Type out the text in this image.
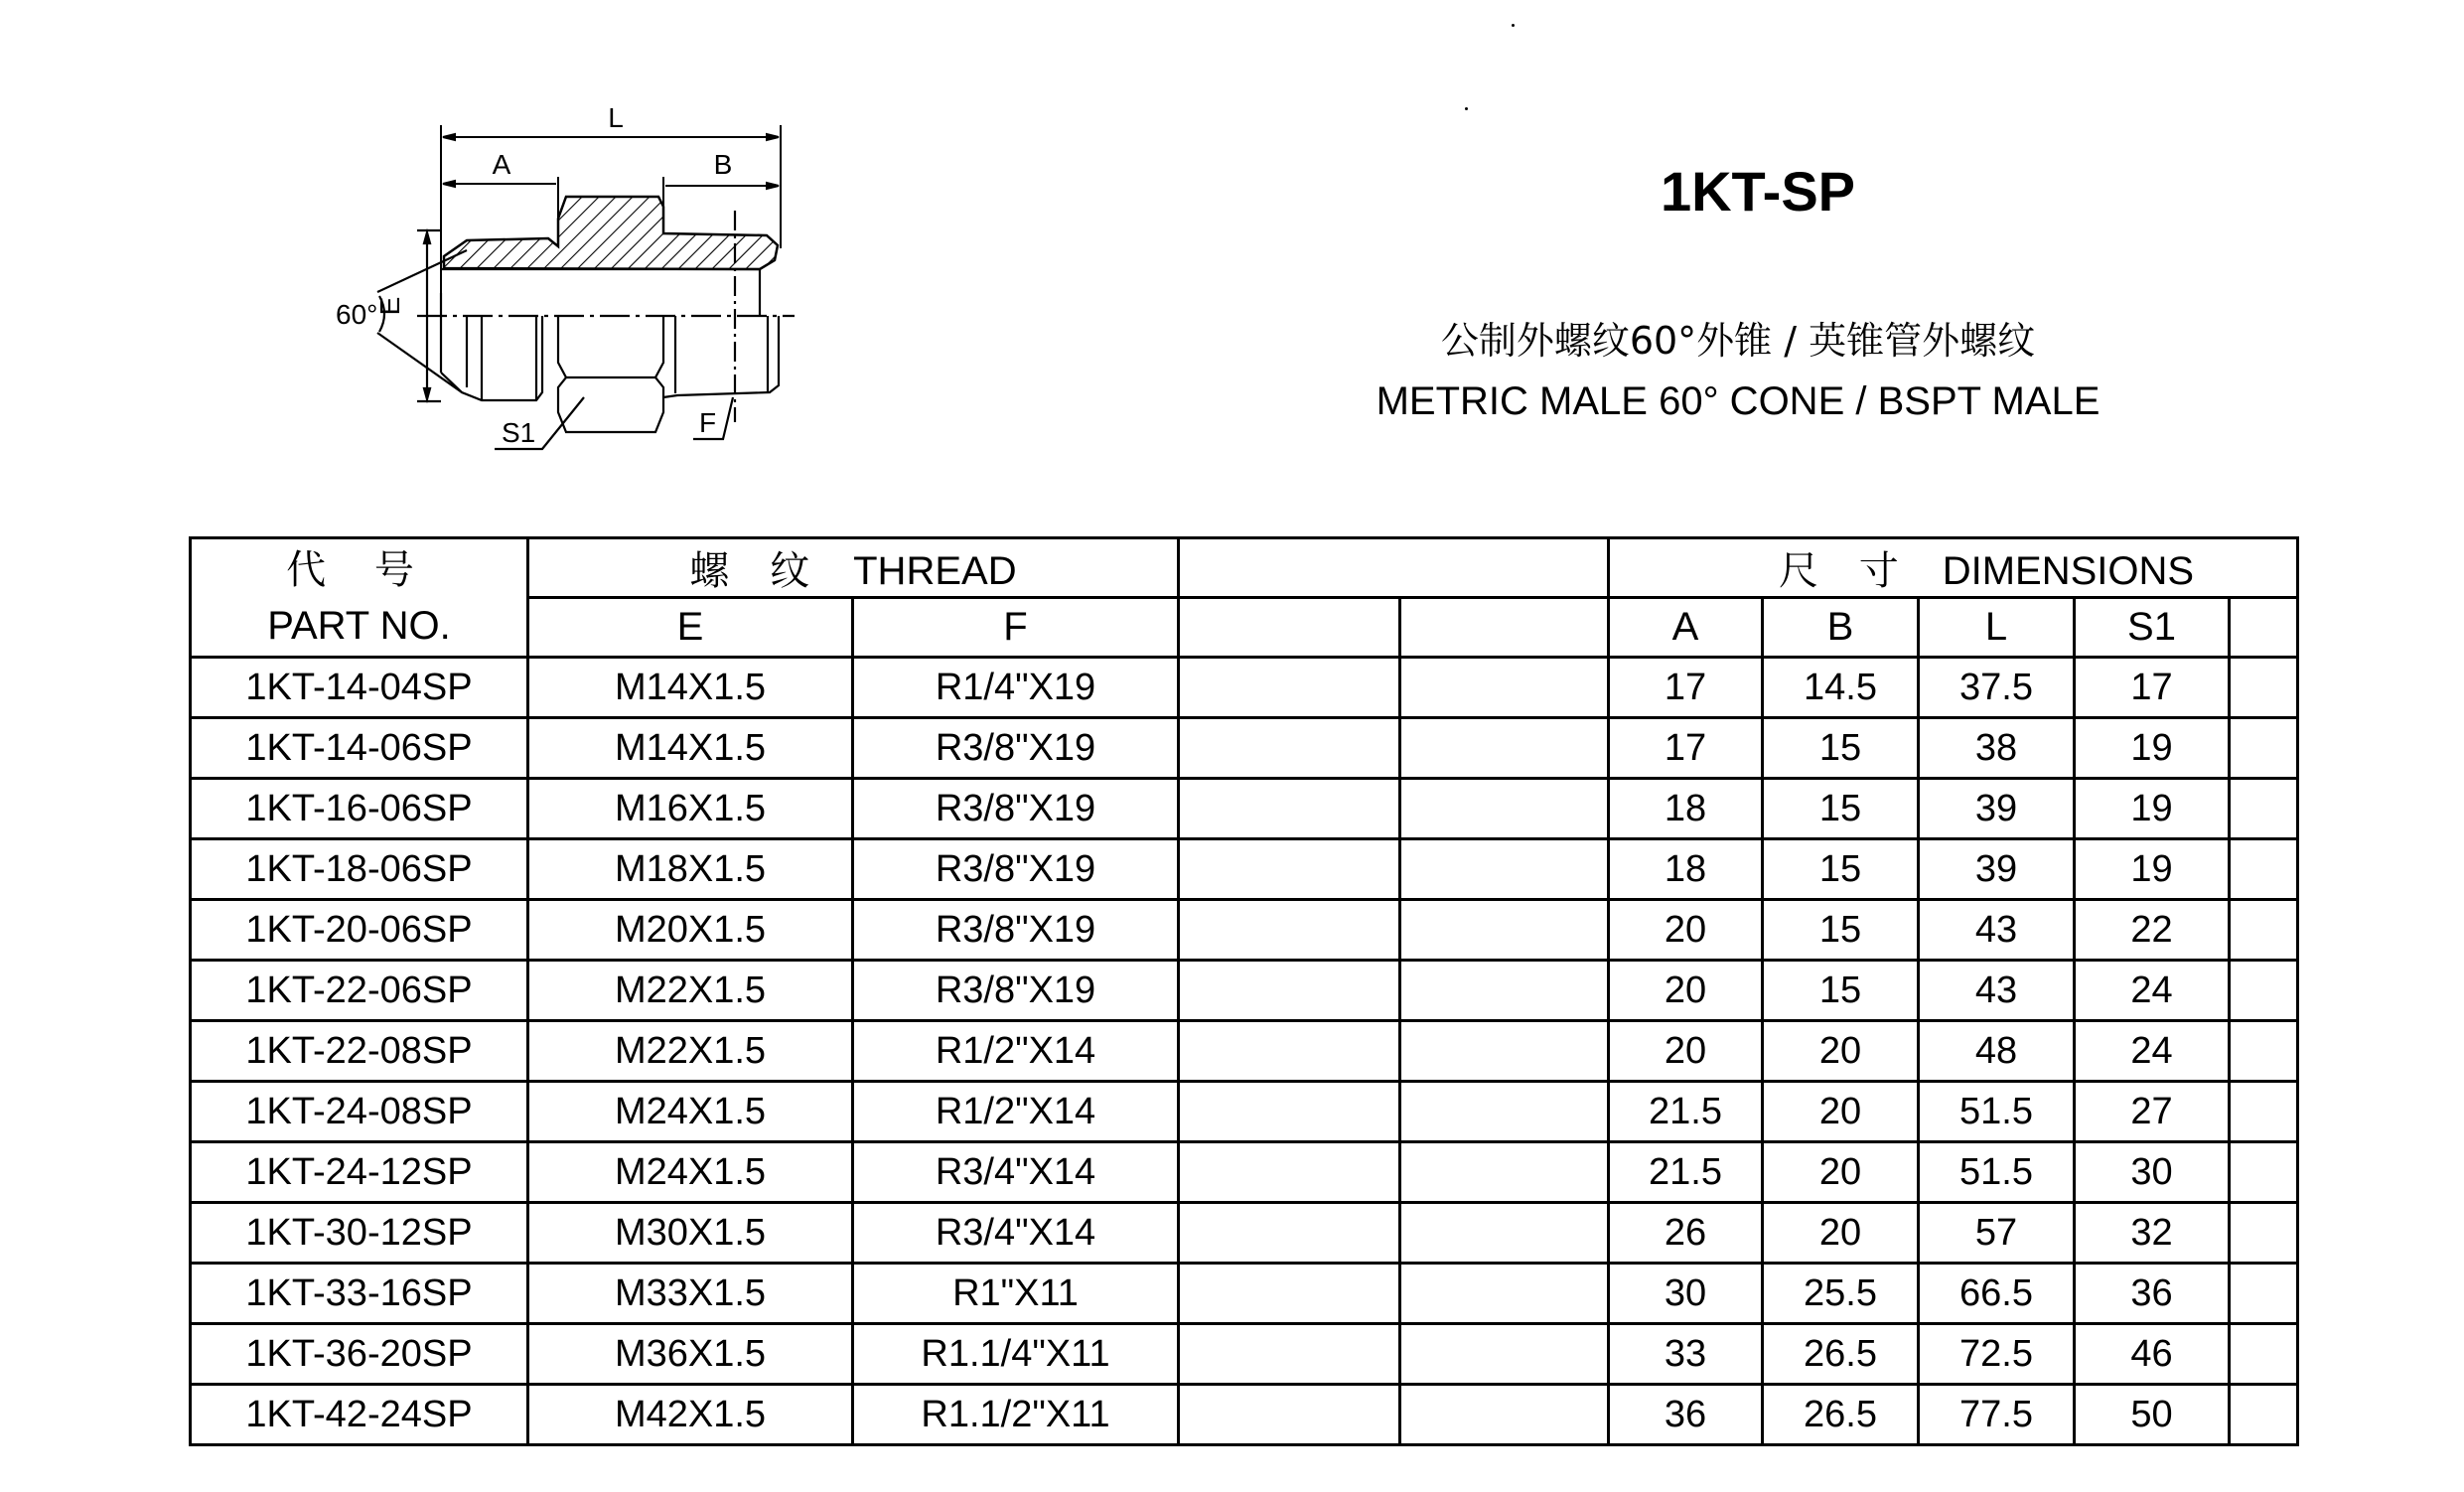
L
A	B
60°
F
S1
E
1KT-SP
公制外螺纹60°外锥 / 英锥管外螺纹
METRIC MALE 60° CONE / BSPT MALE
代 号
PART NO.	螺 纹 THREAD				尺 寸 DIMENSIONS				
	E	F			A	B	L	S1	
1KT-14-04SP	M14X1.5	R1/4"X19			17	14.5	37.5	17	
1KT-14-06SP	M14X1.5	R3/8"X19			17	15	38	19	
1KT-16-06SP	M16X1.5	R3/8"X19			18	15	39	19	
1KT-18-06SP	M18X1.5	R3/8"X19			18	15	39	19	
1KT-20-06SP	M20X1.5	R3/8"X19			20	15	43	22	
1KT-22-06SP	M22X1.5	R3/8"X19			20	15	43	24	
1KT-22-08SP	M22X1.5	R1/2"X14			20	20	48	24	
1KT-24-08SP	M24X1.5	R1/2"X14			21.5	20	51.5	27	
1KT-24-12SP	M24X1.5	R3/4"X14			21.5	20	51.5	30	
1KT-30-12SP	M30X1.5	R3/4"X14			26	20	57	32	
1KT-33-16SP	M33X1.5	R1"X11			30	25.5	66.5	36	
1KT-36-20SP	M36X1.5	R1.1/4"X11			33	26.5	72.5	46	
1KT-42-24SP	M42X1.5	R1.1/2"X11			36	26.5	77.5	50	
